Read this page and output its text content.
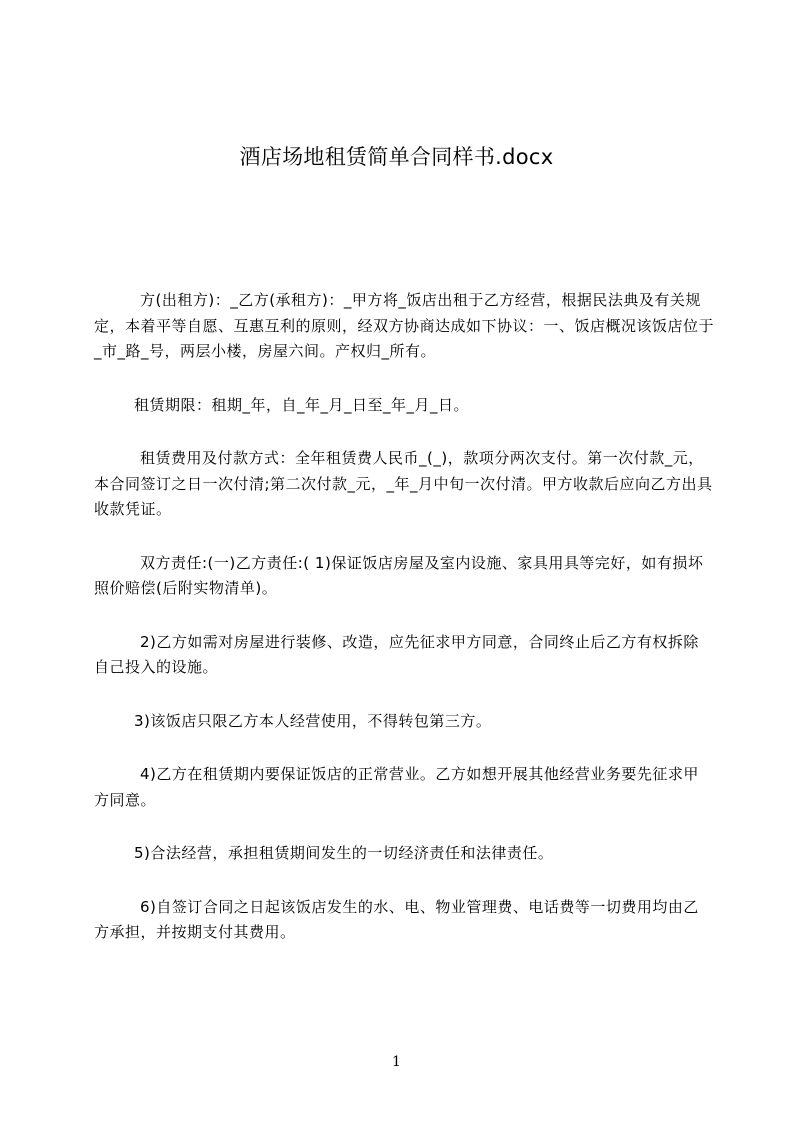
酒店场地租赁简单合同样书.docx

方(出租方)：_乙方(承租方)：_甲方将_饭店出租于乙方经营，根据民法典及有关规定，本着平等自愿、互惠互利的原则，经双方协商达成如下协议：一、饭店概况该饭店位于_市_路_号，两层小楼，房屋六间。产权归_所有。

租赁期限：租期_年，自_年_月_日至_年_月_日。

租赁费用及付款方式：全年租赁费人民币_(_)，款项分两次支付。第一次付款_元，本合同签订之日一次付清;第二次付款_元，_年_月中旬一次付清。甲方收款后应向乙方出具收款凭证。

双方责任:(一)乙方责任:( 1)保证饭店房屋及室内设施、家具用具等完好，如有损坏照价赔偿(后附实物清单)。

2)乙方如需对房屋进行装修、改造，应先征求甲方同意，合同终止后乙方有权拆除自己投入的设施。

3)该饭店只限乙方本人经营使用，不得转包第三方。

4)乙方在租赁期内要保证饭店的正常营业。乙方如想开展其他经营业务要先征求甲方同意。

5)合法经营，承担租赁期间发生的一切经济责任和法律责任。

6)自签订合同之日起该饭店发生的水、电、物业管理费、电话费等一切费用均由乙方承担，并按期支付其费用。

1
